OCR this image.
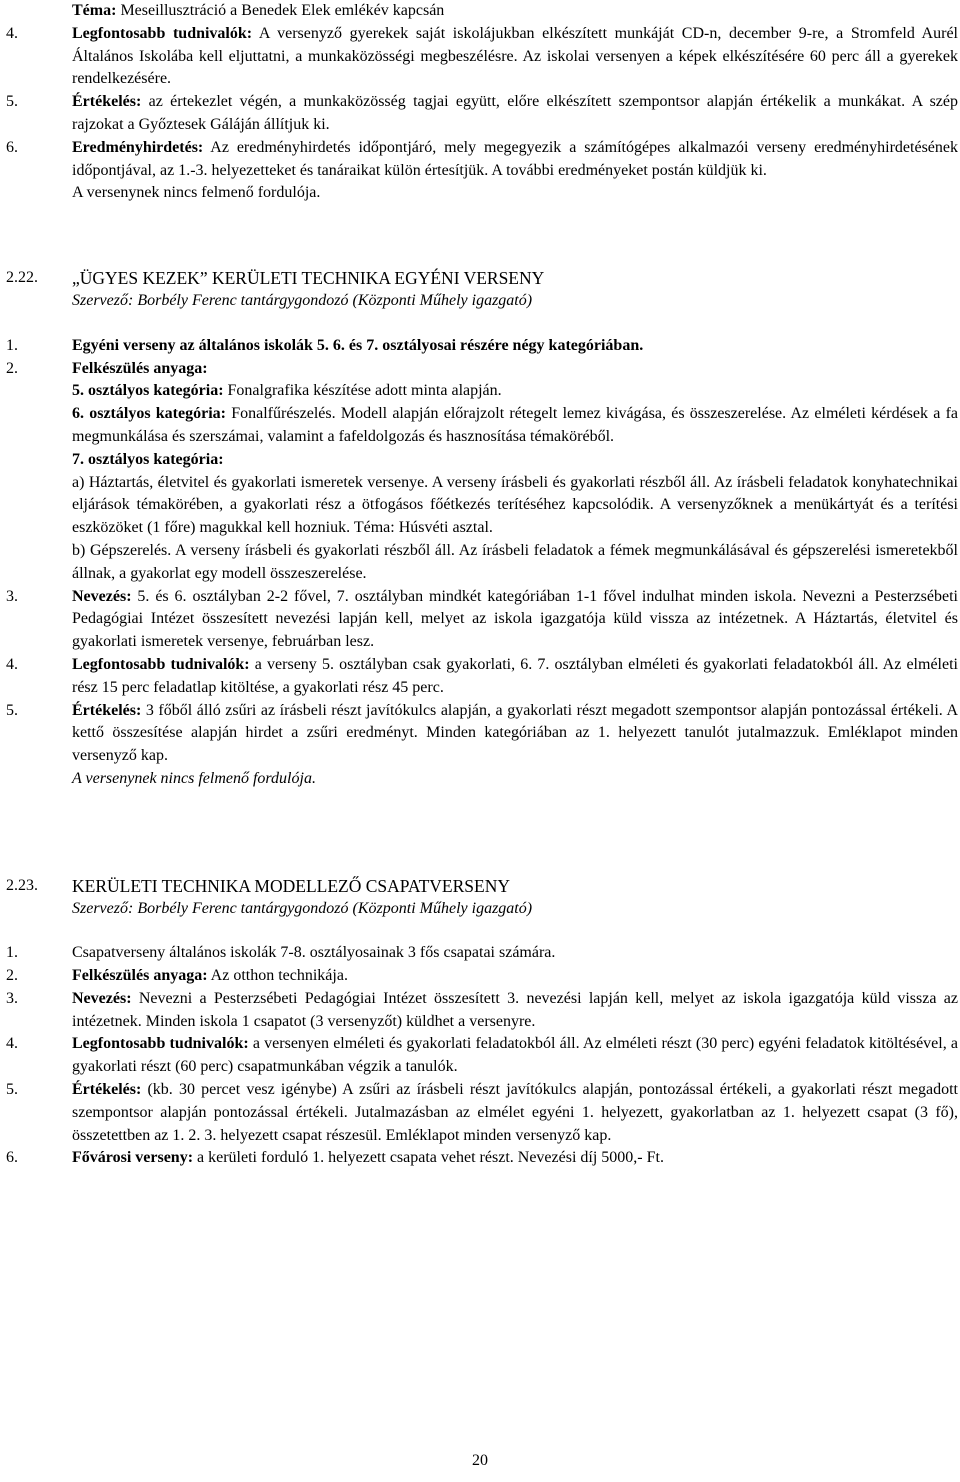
Téma: Meseillusztráció a Benedek Elek emlékév kapcsán
4.	Legfontosabb tudnivalók: A versenyző gyerekek saját iskolájukban elkészített munkáját CD-n, december 9-re, a Stromfeld Aurél Általános Iskolába kell eljuttatni, a munkaközösségi megbeszélésre. Az iskolai versenyen a képek elkészítésére 60 perc áll a gyerekek rendelkezésére.
5.	Értékelés: az értekezlet végén, a munkaközösség tagjai együtt, előre elkészített szempontsor alapján értékelik a munkákat. A szép rajzokat a Győztesek Gáláján állítjuk ki.
6.	Eredményhirdetés: Az eredményhirdetés időpontjáró, mely megegyezik a számítógépes alkalmazói verseny eredményhirdetésének időpontjával, az 1.-3. helyezetteket és tanáraikat külön értesítjük. A további eredményeket postán küldjük ki.
A versenynek nincs felmenő fordulója.
2.22.	„ÜGYES KEZEK” KERÜLETI TECHNIKA EGYÉNI VERSENY
Szervező: Borbély Ferenc tantárgygondozó (Központi Műhely igazgató)
1.	Egyéni verseny az általános iskolák 5. 6. és 7. osztályosai részére négy kategóriában.
2.	Felkészülés anyaga:
5. osztályos kategória: Fonalgrafika készítése adott minta alapján.
6. osztályos kategória: Fonalfűrészelés. Modell alapján előrajzolt rétegelt lemez kivágása, és összeszerelése. Az elméleti kérdések a fa megmunkálása és szerszámai, valamint a fafeldolgozás és hasznosítása témaköréből.
7. osztályos kategória:
a) Háztartás, életvitel és gyakorlati ismeretek versenye. A verseny írásbeli és gyakorlati részből áll. Az írásbeli feladatok konyhatechnikai eljárások témakörében, a gyakorlati rész a ötfogásos főétkezés terítéséhez kapcsolódik. A versenyzőknek a menükártyát és a terítési eszközöket (1 főre) magukkal kell hozniuk. Téma: Húsvéti asztal.
b) Gépszerelés. A verseny írásbeli és gyakorlati részből áll. Az írásbeli feladatok a fémek megmunkálásával és gépszerelési ismeretekből állnak, a gyakorlat egy modell összeszerelése.
3.	Nevezés: 5. és 6. osztályban 2-2 fővel, 7. osztályban mindkét kategóriában 1-1 fővel indulhat minden iskola. Nevezni a Pesterzsébeti Pedagógiai Intézet összesített nevezési lapján kell, melyet az iskola igazgatója küld vissza az intézetnek. A Háztartás, életvitel és gyakorlati ismeretek versenye, februárban lesz.
4.	Legfontosabb tudnivalók: a verseny 5. osztályban csak gyakorlati, 6. 7. osztályban elméleti és gyakorlati feladatokból áll. Az elméleti rész 15 perc feladatlap kitöltése, a gyakorlati rész 45 perc.
5.	Értékelés: 3 főből álló zsűri az írásbeli részt javítókulcs alapján, a gyakorlati részt megadott szempontsor alapján pontozással értékeli. A kettő összesítése alapján hirdet a zsűri eredményt. Minden kategóriában az 1. helyezett tanulót jutalmazzuk. Emléklapot minden versenyző kap.
A versenynek nincs felmenő fordulója.
2.23.	KERÜLETI TECHNIKA MODELLEZŐ CSAPATVERSENY
Szervező: Borbély Ferenc tantárgygondozó (Központi Műhely igazgató)
1.	Csapatverseny általános iskolák 7-8. osztályosainak 3 fős csapatai számára.
2.	Felkészülés anyaga: Az otthon technikája.
3.	Nevezés: Nevezni a Pesterzsébeti Pedagógiai Intézet összesített 3. nevezési lapján kell, melyet az iskola igazgatója küld vissza az intézetnek. Minden iskola 1 csapatot (3 versenyzőt) küldhet a versenyre.
4.	Legfontosabb tudnivalók: a versenyen elméleti és gyakorlati feladatokból áll. Az elméleti részt (30 perc) egyéni feladatok kitöltésével, a gyakorlati részt (60 perc) csapatmunkában végzik a tanulók.
5.	Értékelés: (kb. 30 percet vesz igénybe) A zsűri az írásbeli részt javítókulcs alapján, pontozással értékeli, a gyakorlati részt megadott szempontsor alapján pontozással értékeli. Jutalmazásban az elmélet egyéni 1. helyezett, gyakorlatban az 1. helyezett csapat (3 fő), összetettben az 1. 2. 3. helyezett csapat részesül. Emléklapot minden versenyző kap.
6.	Fővárosi verseny: a kerületi forduló 1. helyezett csapata vehet részt. Nevezési díj 5000,- Ft.
20
